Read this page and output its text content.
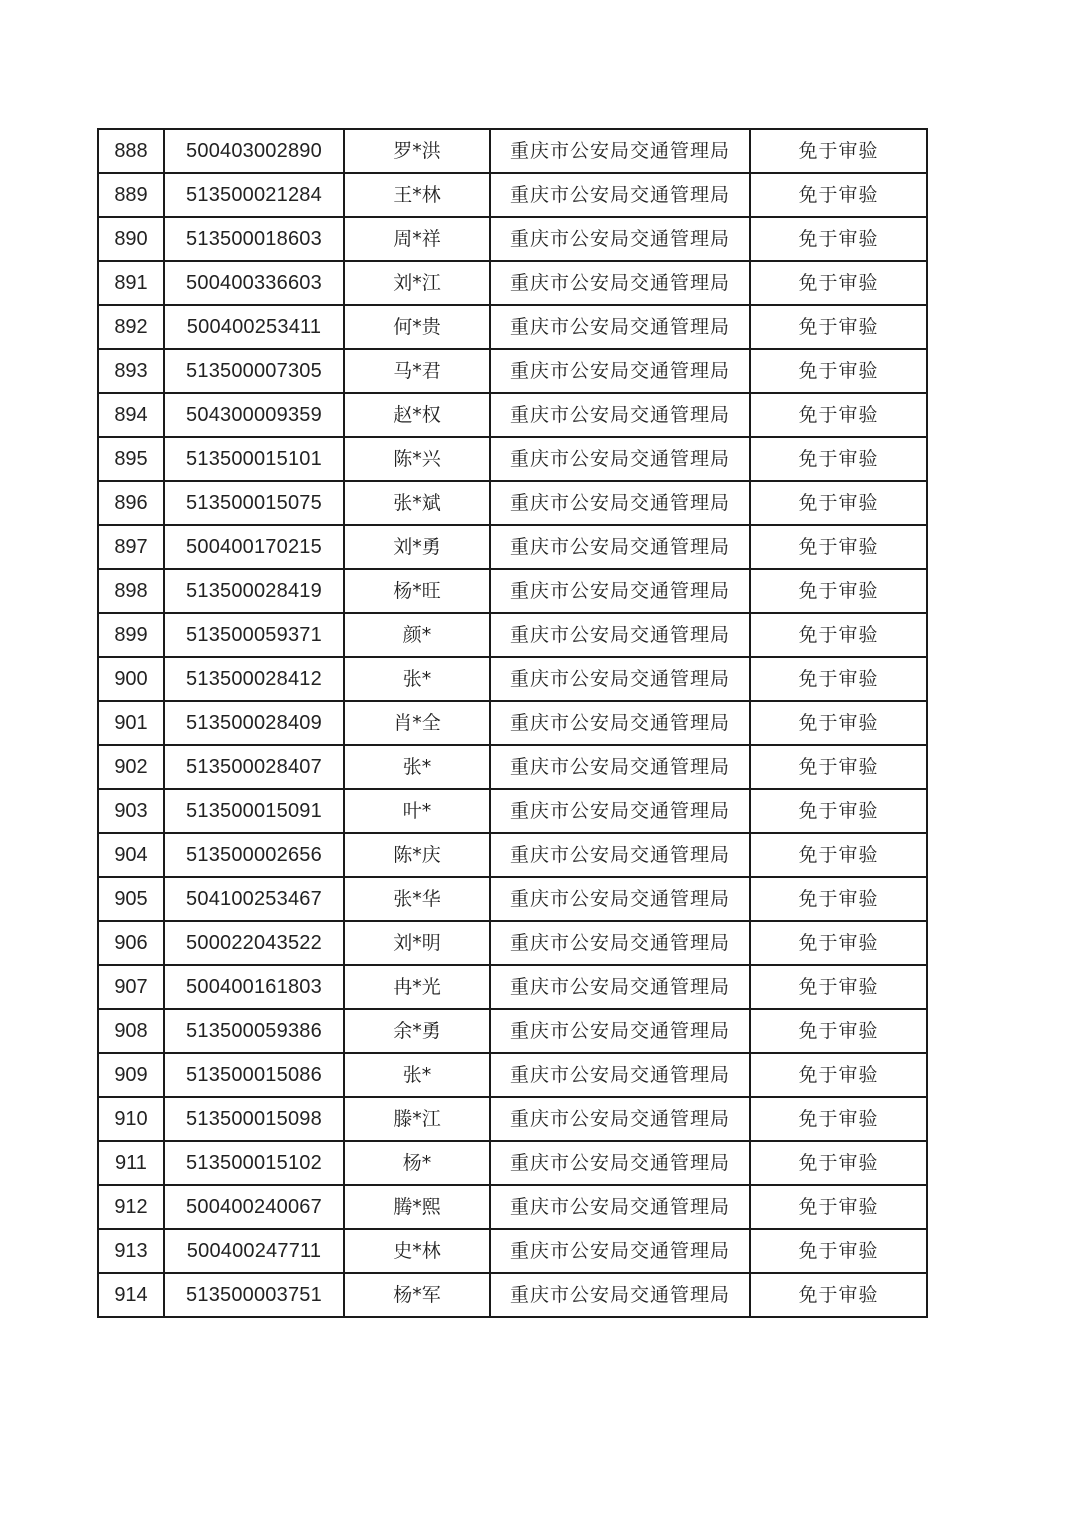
888	500403002890	罗*洪	重庆市公安局交通管理局	免于审验
889	513500021284	王*林	重庆市公安局交通管理局	免于审验
890	513500018603	周*祥	重庆市公安局交通管理局	免于审验
891	500400336603	刘*江	重庆市公安局交通管理局	免于审验
892	500400253411	何*贵	重庆市公安局交通管理局	免于审验
893	513500007305	马*君	重庆市公安局交通管理局	免于审验
894	504300009359	赵*权	重庆市公安局交通管理局	免于审验
895	513500015101	陈*兴	重庆市公安局交通管理局	免于审验
896	513500015075	张*斌	重庆市公安局交通管理局	免于审验
897	500400170215	刘*勇	重庆市公安局交通管理局	免于审验
898	513500028419	杨*旺	重庆市公安局交通管理局	免于审验
899	513500059371	颜*	重庆市公安局交通管理局	免于审验
900	513500028412	张*	重庆市公安局交通管理局	免于审验
901	513500028409	肖*全	重庆市公安局交通管理局	免于审验
902	513500028407	张*	重庆市公安局交通管理局	免于审验
903	513500015091	叶*	重庆市公安局交通管理局	免于审验
904	513500002656	陈*庆	重庆市公安局交通管理局	免于审验
905	504100253467	张*华	重庆市公安局交通管理局	免于审验
906	500022043522	刘*明	重庆市公安局交通管理局	免于审验
907	500400161803	冉*光	重庆市公安局交通管理局	免于审验
908	513500059386	余*勇	重庆市公安局交通管理局	免于审验
909	513500015086	张*	重庆市公安局交通管理局	免于审验
910	513500015098	滕*江	重庆市公安局交通管理局	免于审验
911	513500015102	杨*	重庆市公安局交通管理局	免于审验
912	500400240067	腾*熙	重庆市公安局交通管理局	免于审验
913	500400247711	史*林	重庆市公安局交通管理局	免于审验
914	513500003751	杨*军	重庆市公安局交通管理局	免于审验
